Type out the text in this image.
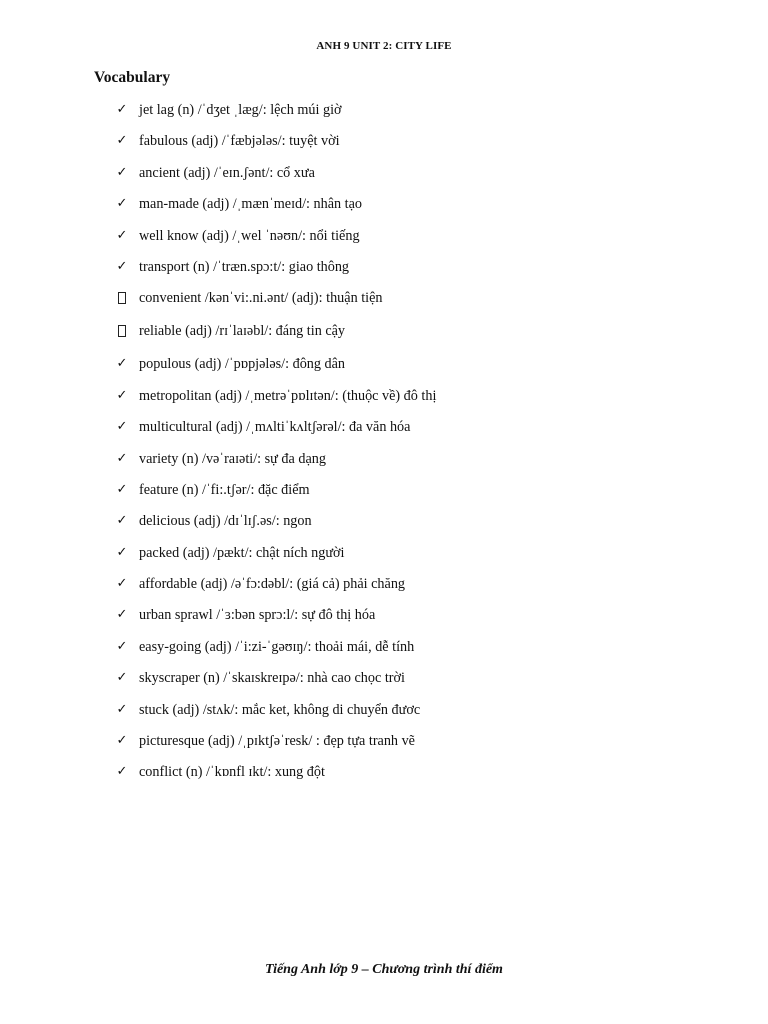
ANH 9 UNIT 2: CITY LIFE
Vocabulary
✓ jet lag (n) /ˈdʒet ˌlæg/: lệch múi giờ
✓ fabulous (adj) /ˈfæbjələs/: tuyệt vời
✓ ancient (adj) /ˈeɪn.ʃənt/: cổ xưa
✓ man-made (adj) /ˌmænˈmeɪd/: nhân tạo
✓ well know (adj) /ˌwel ˈnəʊn/: nổi tiếng
✓ transport (n) /ˈtræn.spɔ:t/: giao thông
convenient /kənˈvi:.ni.ənt/ (adj): thuận tiện
reliable (adj) /rɪˈlaɪəbl/: đáng tin cậy
✓ populous (adj) /ˈpɒpjələs/: đông dân
✓ metropolitan (adj) /ˌmetrəˈpɒlɪtən/: (thuộc về) đô thị
✓ multicultural (adj) /ˌmʌltiˈkʌltʃərəl/: đa văn hóa
✓ variety (n) /vəˈraɪəti/: sự đa dạng
✓ feature (n) /ˈfi:.tʃər/: đặc điểm
✓ delicious (adj) /dɪˈlɪʃ.əs/: ngon
✓ packed (adj) /pækt/: chật ních người
✓ affordable (adj) /əˈfɔ:dəbl/: (giá cả) phải chăng
✓ urban sprawl /ˈɜ:bən sprɔ:l/: sự đô thị hóa
✓ easy-going (adj) /ˈi:zi-ˈgəʊɪŋ/: thoải mái, dễ tính
✓ skyscraper (n) /ˈskaɪskreɪpə/: nhà cao chọc trời
✓ stuck (adj) /stʌk/: mắc ket, không di chuyển đươc
✓ picturesque (adj) /ˌpɪktʃəˈresk/ : đẹp tựa tranh vẽ
✓ conflict (n) /ˈkɒnfl ɪkt/: xung đột
Tiếng Anh lớp 9 – Chương trình thí điểm
